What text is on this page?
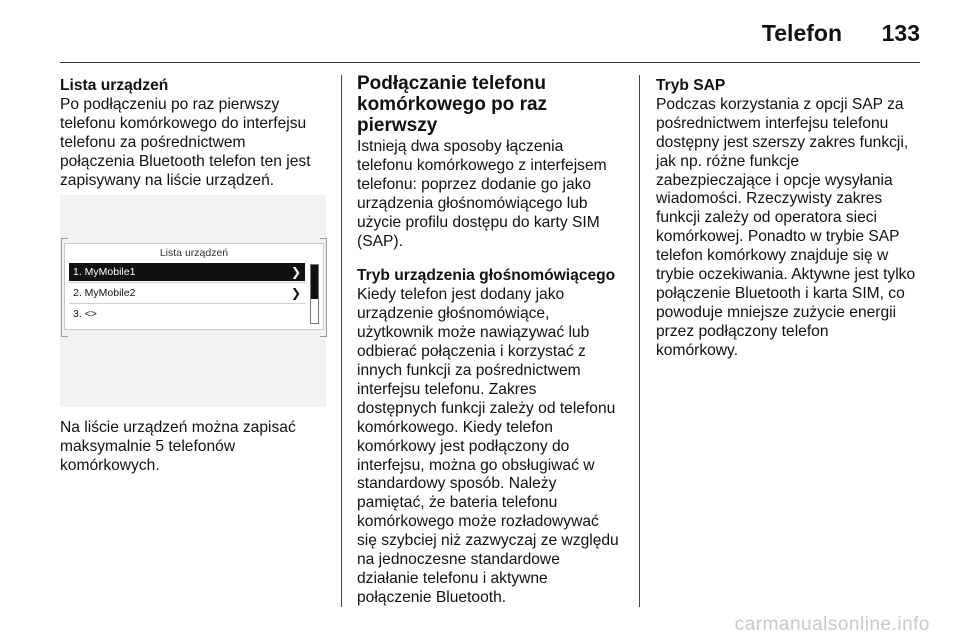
Telefon 133

Lista urządzeń

Po podłączeniu po raz pierwszy
telefonu komórkowego do interfejsu
telefonu za pośrednictwem
połączenia Bluetooth telefon ten jest
zapisywany na liście urządzeń.

Lista urządzeń
1. MyMobile1	❯
2. MyMobile2	❯
3. <>
Na liście urządzeń można zapisać
maksymalnie 5 telefonów
komórkowych.
Podłączanie telefonu
komórkowego po raz pierwszy

Istnieją dwa sposoby łączenia
telefonu komórkowego z interfejsem
telefonu: poprzez dodanie go jako
urządzenia głośnomówiącego lub
użycie profilu dostępu do karty SIM
(SAP).

Tryb urządzenia głośnomówiącego

Kiedy telefon jest dodany jako
urządzenie głośnomówiące,
użytkownik może nawiązywać lub
odbierać połączenia i korzystać z
innych funkcji za pośrednictwem
interfejsu telefonu. Zakres
dostępnych funkcji zależy od telefonu
komórkowego. Kiedy telefon
komórkowy jest podłączony do
interfejsu, można go obsługiwać w
standardowy sposób. Należy
pamiętać, że bateria telefonu
komórkowego może rozładowywać
się szybciej niż zazwyczaj ze względu
na jednoczesne standardowe
działanie telefonu i aktywne
połączenie Bluetooth.

Tryb SAP

Podczas korzystania z opcji SAP za
pośrednictwem interfejsu telefonu
dostępny jest szerszy zakres funkcji,
jak np. różne funkcje
zabezpieczające i opcje wysyłania
wiadomości. Rzeczywisty zakres
funkcji zależy od operatora sieci
komórkowej. Ponadto w trybie SAP
telefon komórkowy znajduje się w
trybie oczekiwania. Aktywne jest tylko
połączenie Bluetooth i karta SIM, co
powoduje mniejsze zużycie energii
przez podłączony telefon
komórkowy.

carmanualsonline.info
